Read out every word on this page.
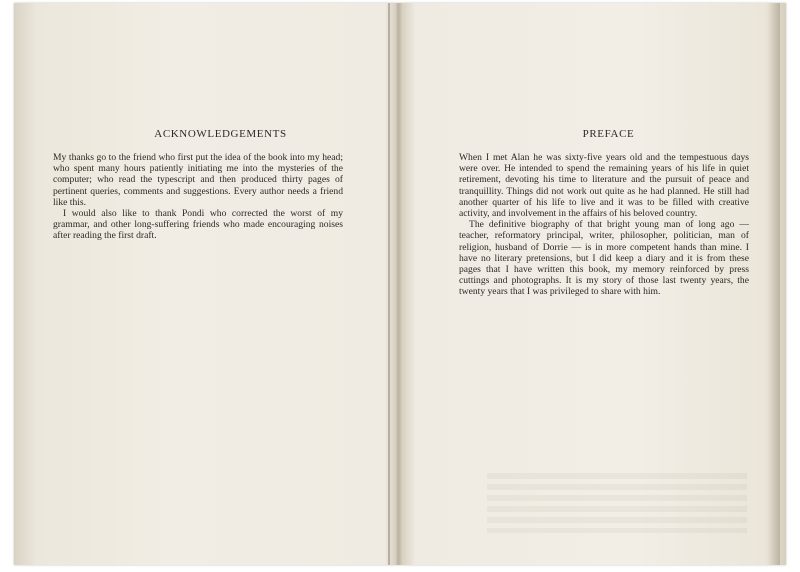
ACKNOWLEDGEMENTS

My thanks go to the friend who first put the idea of the book into my head; who spent many hours patiently initiating me into the mysteries of the computer; who read the typescript and then produced thirty pages of pertinent queries, comments and suggestions. Every author needs a friend like this.

I would also like to thank Pondi who corrected the worst of my grammar, and other long-suffering friends who made encouraging noises after reading the first draft.

PREFACE

When I met Alan he was sixty-five years old and the tempestuous days were over. He intended to spend the remaining years of his life in quiet retirement, devoting his time to literature and the pursuit of peace and tranquillity. Things did not work out quite as he had planned. He still had another quarter of his life to live and it was to be filled with creative activity, and involvement in the affairs of his beloved country.

The definitive biography of that bright young man of long ago — teacher, reformatory principal, writer, philosopher, politician, man of religion, husband of Dorrie — is in more competent hands than mine. I have no literary pretensions, but I did keep a diary and it is from these pages that I have written this book, my memory reinforced by press cuttings and photographs. It is my story of those last twenty years, the twenty years that I was privileged to share with him.
